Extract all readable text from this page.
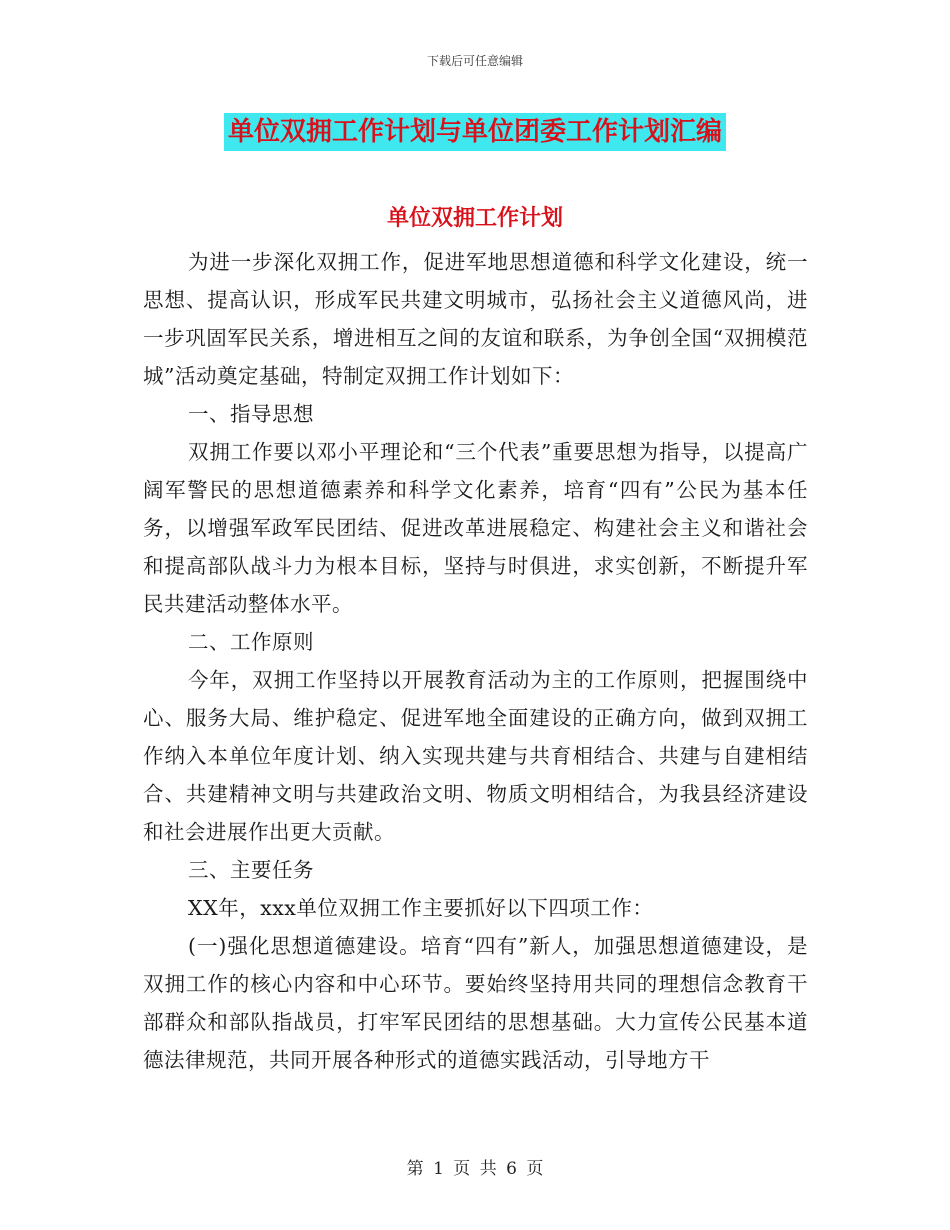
下载后可任意编辑
单位双拥工作计划与单位团委工作计划汇编
单位双拥工作计划

为进一步深化双拥工作，促进军地思想道德和科学文化建设，统一思想、提高认识，形成军民共建文明城市，弘扬社会主义道德风尚，进一步巩固军民关系，增进相互之间的友谊和联系，为争创全国“双拥模范城”活动奠定基础，特制定双拥工作计划如下：

一、指导思想

双拥工作要以邓小平理论和“三个代表”重要思想为指导，以提高广阔军警民的思想道德素养和科学文化素养，培育“四有”公民为基本任务，以增强军政军民团结、促进改革进展稳定、构建社会主义和谐社会和提高部队战斗力为根本目标，坚持与时俱进，求实创新，不断提升军民共建活动整体水平。

二、工作原则

今年，双拥工作坚持以开展教育活动为主的工作原则，把握围绕中心、服务大局、维护稳定、促进军地全面建设的正确方向，做到双拥工作纳入本单位年度计划、纳入实现共建与共育相结合、共建与自建相结合、共建精神文明与共建政治文明、物质文明相结合，为我县经济建设和社会进展作出更大贡献。

三、主要任务

XX年，xxx单位双拥工作主要抓好以下四项工作：

(一)强化思想道德建设。培育“四有”新人，加强思想道德建设，是双拥工作的核心内容和中心环节。要始终坚持用共同的理想信念教育干部群众和部队指战员，打牢军民团结的思想基础。大力宣传公民基本道德法律规范，共同开展各种形式的道德实践活动，引导地方干

第 1 页 共 6 页
